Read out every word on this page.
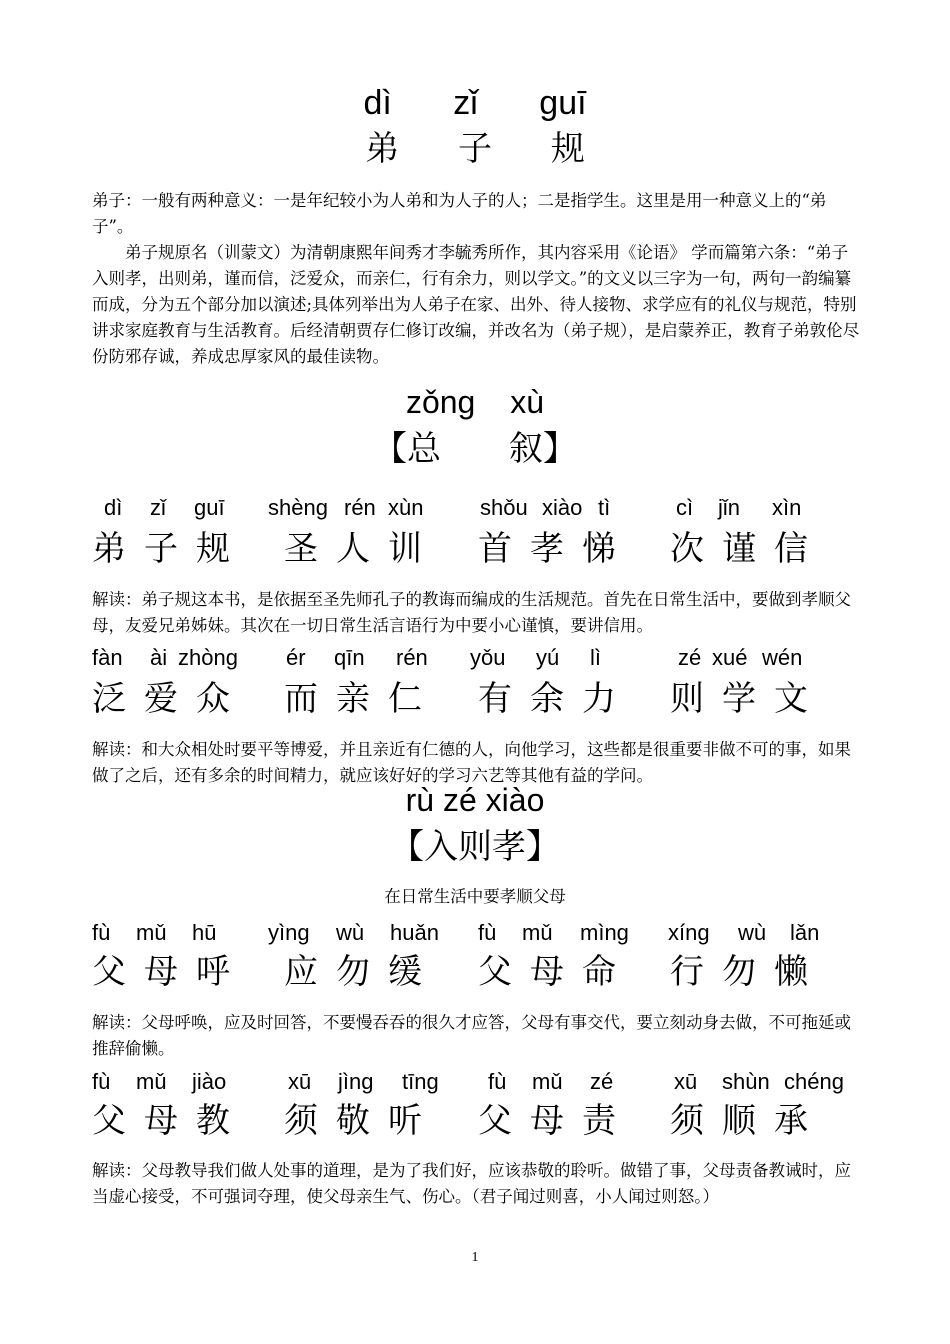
dì zǐ guī
弟 子 规
弟子：一般有两种意义：一是年纪较小为人弟和为人子的人；二是指学生。这里是用一种意义上的“弟子”。
弟子规原名（训蒙文）为清朝康熙年间秀才李毓秀所作，其内容采用《论语》 学而篇第六条：“弟子入则孝，出则弟，谨而信，泛爱众，而亲仁，行有余力，则以学文。”的文义以三字为一句，两句一韵编纂而成，分为五个部分加以演述;具体列举出为人弟子在家、出外、待人接物、求学应有的礼仪与规范，特别讲求家庭教育与生活教育。后经清朝贾存仁修订改编，并改名为（弟子规），是启蒙养正，教育子弟敦伦尽份防邪存诚，养成忠厚家风的最佳读物。
zǒng xù
【总　　叙】
dì zǐ guī shèng rén xùn	shǒu xiào tì	cì jǐn xìn
弟 子 规 圣 人 训 首 孝 悌 次 谨 信
解读：弟子规这本书，是依据至圣先师孔子的教诲而编成的生活规范。首先在日常生活中，要做到孝顺父母，友爱兄弟姊妹。其次在一切日常生活言语行为中要小心谨慎，要讲信用。
fàn ài zhòng ér qīn rén yǒu yú lì	zé xué wén
泛 爱 众 而 亲 仁 有 余 力 则 学 文
解读：和大众相处时要平等博爱，并且亲近有仁德的人，向他学习，这些都是很重要非做不可的事，如果做了之后，还有多余的时间精力，就应该好好的学习六艺等其他有益的学问。
rù zé xiào
【入则孝】
在日常生活中要孝顺父母
fù mǔ hū yìng wù huǎn fù mǔ mìng xíng wù lǎn
父 母 呼 应 勿 缓 父 母 命 行 勿 懒
解读：父母呼唤，应及时回答，不要慢吞吞的很久才应答，父母有事交代，要立刻动身去做，不可拖延或推辞偷懒。
fù mǔ jiào	xū jìng tīng fù mǔ zé	xū shùn chéng
父 母 教 须 敬 听 父 母 责 须 顺 承
解读：父母教导我们做人处事的道理，是为了我们好，应该恭敬的聆听。做错了事，父母责备教诫时，应当虚心接受，不可强词夺理，使父母亲生气、伤心。（君子闻过则喜，小人闻过则怒。）
1
